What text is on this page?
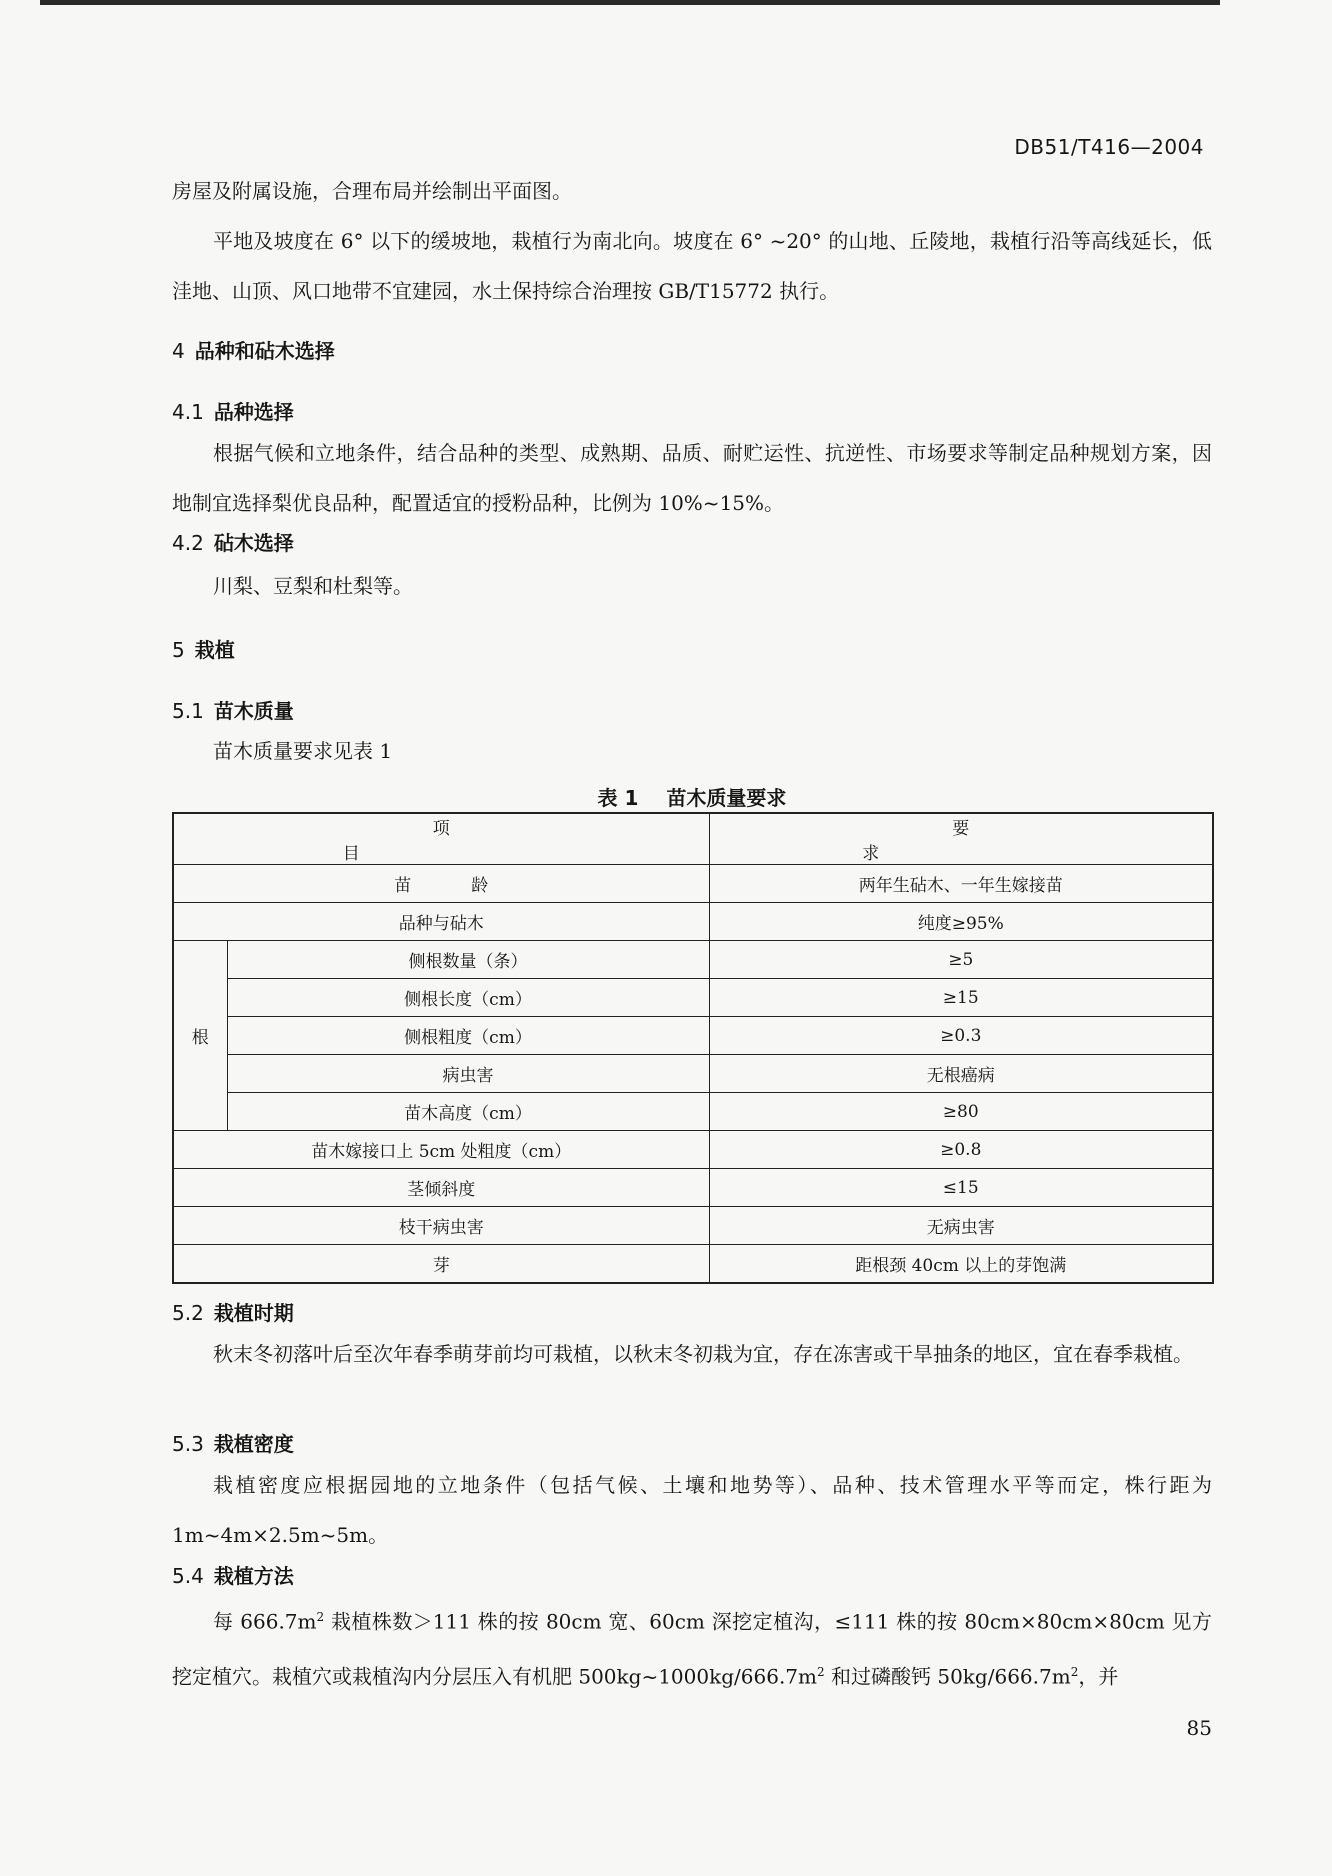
DB51/T416—2004

房屋及附属设施，合理布局并绘制出平面图。

平地及坡度在 6° 以下的缓坡地，栽植行为南北向。坡度在 6° ~20° 的山地、丘陵地，栽植行沿等高线延长，低洼地、山顶、风口地带不宜建园，水土保持综合治理按 GB/T15772 执行。

4 品种和砧木选择
4.1 品种选择

根据气候和立地条件，结合品种的类型、成熟期、品质、耐贮运性、抗逆性、市场要求等制定品种规划方案，因地制宜选择梨优良品种，配置适宜的授粉品种，比例为 10%~15%。

4.2 砧木选择

川梨、豆梨和杜梨等。

5 栽植
5.1 苗木质量

苗木质量要求见表 1

表 1 苗木质量要求
项目		要求
苗龄		两年生砧木、一年生嫁接苗
品种与砧木		纯度≥95%
根	侧根数量（条）	≥5
	侧根长度（cm）	≥15
	侧根粗度（cm）	≥0.3
	病虫害	无根癌病
	苗木高度（cm）	≥80
苗木嫁接口上 5cm 处粗度（cm）		≥0.8
茎倾斜度		≤15
枝干病虫害		无病虫害
芽		距根颈 40cm 以上的芽饱满
5.2 栽植时期

秋末冬初落叶后至次年春季萌芽前均可栽植，以秋末冬初栽为宜，存在冻害或干旱抽条的地区，宜在春季栽植。

5.3 栽植密度

栽植密度应根据园地的立地条件（包括气候、土壤和地势等）、品种、技术管理水平等而定，株行距为 1m~4m×2.5m~5m。

5.4 栽植方法

每 $666.7m^2$ 栽植株数＞111 株的按 80cm 宽、60cm 深挖定植沟，≤111 株的按 80cm×80cm×80cm 见方挖定植穴。栽植穴或栽植沟内分层压入有机肥 $500kg\sim 1000kg/666.7m^2$ 和过磷酸钙 $50kg/666.7m^2$，并

85
